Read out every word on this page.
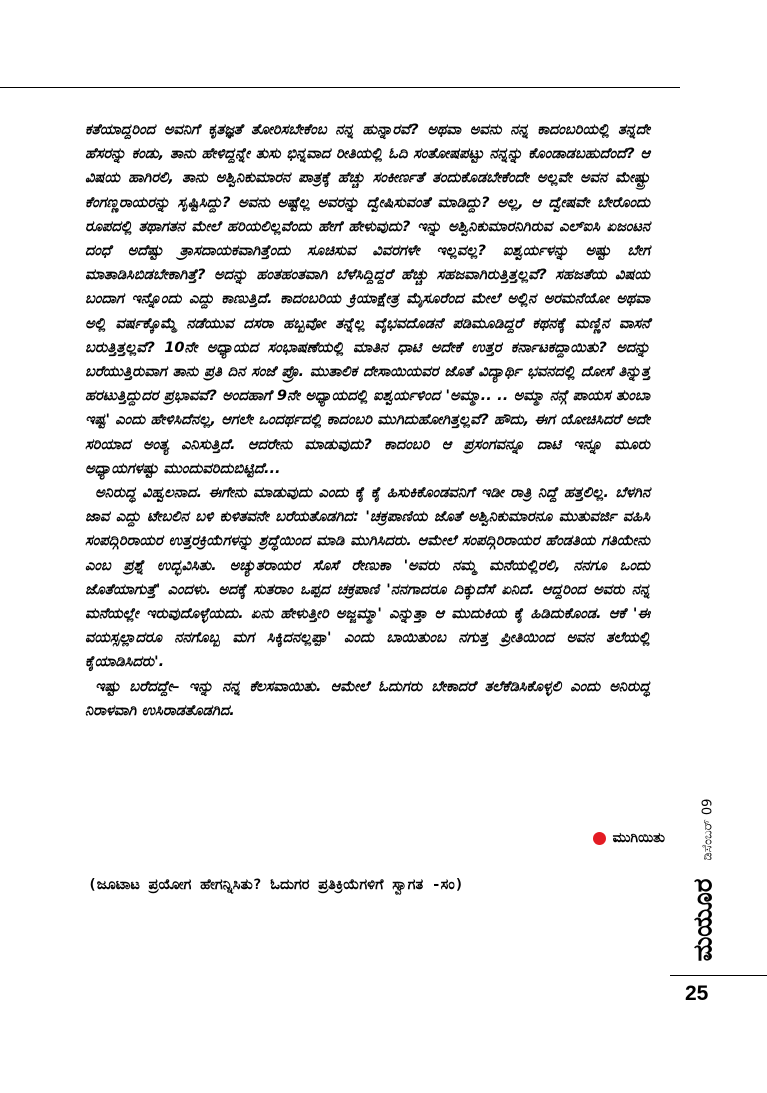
ಕತೆಯಾದ್ದರಿಂದ ಅವನಿಗೆ ಕೃತಜ್ಞತೆ ತೋರಿಸಬೇಕೆಂಬ ನನ್ನ ಹುನ್ನಾರವೆ? ಅಥವಾ ಅವನು ನನ್ನ ಕಾದಂಬರಿಯಲ್ಲಿ ತನ್ನದೇ ಹೆಸರನ್ನು ಕಂಡು, ತಾನು ಹೇಳಿದ್ದನ್ನೇ ತುಸು ಭಿನ್ನವಾದ ರೀತಿಯಲ್ಲಿ ಓದಿ ಸಂತೋಷಪಟ್ಟು ನನ್ನನ್ನು ಕೊಂಡಾಡಬಹುದೆಂದೆ? ಆ ವಿಷಯ ಹಾಗಿರಲಿ, ತಾನು ಅಶ್ವಿನಿಕುಮಾರನ ಪಾತ್ರಕ್ಕೆ ಹೆಚ್ಚು ಸಂಕೀರ್ಣತೆ ತಂದುಕೊಡಬೇಕೆಂದೇ ಅಲ್ಲವೇ ಅವನ ಮೇಷ್ಟ್ರು ಕೆಂಗಣ್ಣರಾಯರನ್ನು ಸೃಷ್ಟಿಸಿದ್ದು? ಅವನು ಅಷ್ಟೆಲ್ಲ ಅವರನ್ನು ದ್ವೇಷಿಸುವಂತೆ ಮಾಡಿದ್ದು? ಅಲ್ಲ, ಆ ದ್ವೇಷವೇ ಬೇರೊಂದು ರೂಪದಲ್ಲಿ ತಥಾಗತನ ಮೇಲೆ ಹರಿಯಲಿಲ್ಲವೆಂದು ಹೇಗೆ ಹೇಳುವುದು? ಇನ್ನು ಅಶ್ವಿನಿಕುಮಾರನಿಗಿರುವ ಎಲ್‌ಐಸಿ ಏಜಂಟನ ದಂಧೆ ಅದೆಷ್ಟು ತ್ರಾಸದಾಯಕವಾಗಿತ್ತೆಂದು ಸೂಚಿಸುವ ವಿವರಗಳೇ ಇಲ್ಲವಲ್ಲ? ಐಶ್ವರ್ಯಳನ್ನು ಅಷ್ಟು ಬೇಗ ಮಾತಾಡಿಸಿಬಿಡಬೇಕಾಗಿತ್ತೆ? ಅದನ್ನು ಹಂತಹಂತವಾಗಿ ಬೆಳೆಸಿದ್ದಿದ್ದರೆ ಹೆಚ್ಚು ಸಹಜವಾಗಿರುತ್ತಿತ್ತಲ್ಲವೆ? ಸಹಜತೆಯ ವಿಷಯ ಬಂದಾಗ ಇನ್ನೊಂದು ಎದ್ದು ಕಾಣುತ್ತಿದೆ. ಕಾದಂಬರಿಯ ಕ್ರಿಯಾಕ್ಷೇತ್ರ ಮೈಸೂರೆಂದ ಮೇಲೆ ಅಲ್ಲಿನ ಅರಮನೆಯೋ ಅಥವಾ ಅಲ್ಲಿ ವರ್ಷಕ್ಕೊಮ್ಮೆ ನಡೆಯುವ ದಸರಾ ಹಬ್ಬವೋ ತನ್ನೆಲ್ಲ ವೈಭವದೊಡನೆ ಪಡಿಮೂಡಿದ್ದರೆ ಕಥನಕ್ಕೆ ಮಣ್ಣಿನ ವಾಸನೆ ಬರುತ್ತಿತ್ತಲ್ಲವೆ? 10ನೇ ಅಧ್ಯಾಯದ ಸಂಭಾಷಣೆಯಲ್ಲಿ ಮಾತಿನ ಧಾಟಿ ಅದೇಕೆ ಉತ್ತರ ಕರ್ನಾಟಕದ್ದಾಯಿತು? ಅದನ್ನು ಬರೆಯುತ್ತಿರುವಾಗ ತಾನು ಪ್ರತಿ ದಿನ ಸಂಜೆ ಪ್ರೊ. ಮುತಾಲಿಕ ದೇಸಾಯಿಯವರ ಜೊತೆ ವಿದ್ಯಾರ್ಥಿ ಭವನದಲ್ಲಿ ದೋಸೆ ತಿನ್ನುತ್ತ ಹರಟುತ್ತಿದ್ದುದರ ಪ್ರಭಾವವೆ? ಅಂದಹಾಗೆ 9ನೇ ಅಧ್ಯಾಯದಲ್ಲಿ ಐಶ್ವರ್ಯಳಿಂದ 'ಅಮ್ಮಾ.. .. ಅಮ್ಮಾ ನನ್ಗೆ ಪಾಯಸ ತುಂಬಾ ಇಷ್ಟ' ಎಂದು ಹೇಳಿಸಿದೆನಲ್ಲ, ಆಗಲೇ ಒಂದರ್ಥದಲ್ಲಿ ಕಾದಂಬರಿ ಮುಗಿದುಹೋಗಿತ್ತಲ್ಲವೆ? ಹೌದು, ಈಗ ಯೋಚಿಸಿದರೆ ಅದೇ ಸರಿಯಾದ ಅಂತ್ಯ ಎನಿಸುತ್ತಿದೆ. ಆದರೇನು ಮಾಡುವುದು? ಕಾದಂಬರಿ ಆ ಪ್ರಸಂಗವನ್ನೂ ದಾಟಿ ಇನ್ನೂ ಮೂರು ಅಧ್ಯಾಯಗಳಷ್ಟು ಮುಂದುವರಿದುಬಿಟ್ಟಿದೆ...

ಅನಿರುದ್ಧ ವಿಹ್ವಲನಾದ. ಈಗೇನು ಮಾಡುವುದು ಎಂದು ಕೈ ಕೈ ಹಿಸುಕಿಕೊಂಡವನಿಗೆ ಇಡೀ ರಾತ್ರಿ ನಿದ್ದೆ ಹತ್ತಲಿಲ್ಲ. ಬೆಳಗಿನ ಜಾವ ಎದ್ದು ಟೇಬಲಿನ ಬಳಿ ಕುಳಿತವನೇ ಬರೆಯತೊಡಗಿದ: 'ಚಕ್ರಪಾಣಿಯ ಜೊತೆ ಅಶ್ವಿನಿಕುಮಾರನೂ ಮುತುವರ್ಜಿ ವಹಿಸಿ ಸಂಪದ್ಗಿರಿರಾಯರ ಉತ್ತರಕ್ರಿಯೆಗಳನ್ನು ಶ್ರದ್ಧೆಯಿಂದ ಮಾಡಿ ಮುಗಿಸಿದರು. ಆಮೇಲೆ ಸಂಪದ್ಗಿರಿರಾಯರ ಹೆಂಡತಿಯ ಗತಿಯೇನು ಎಂಬ ಪ್ರಶ್ನೆ ಉದ್ಭವಿಸಿತು. ಅಚ್ಯುತರಾಯರ ಸೊಸೆ ರೇಣುಕಾ 'ಅವರು ನಮ್ಮ ಮನೆಯಲ್ಲಿರಲಿ, ನನಗೂ ಒಂದು ಜೊತೆಯಾಗುತ್ತೆ' ಎಂದಳು. ಅದಕ್ಕೆ ಸುತರಾಂ ಒಪ್ಪದ ಚಕ್ರಪಾಣಿ 'ನನಗಾದರೂ ದಿಕ್ಕುದೆಸೆ ಏನಿದೆ. ಆದ್ದರಿಂದ ಅವರು ನನ್ನ ಮನೆಯಲ್ಲೇ ಇರುವುದೊಳ್ಳೆಯದು. ಏನು ಹೇಳುತ್ತೀರಿ ಅಜ್ಜಮ್ಮಾ' ಎನ್ನುತ್ತಾ ಆ ಮುದುಕಿಯ ಕೈ ಹಿಡಿದುಕೊಂಡ. ಆಕೆ 'ಈ ವಯಸ್ಸಲ್ಲಾದರೂ ನನಗೊಬ್ಬ ಮಗ ಸಿಕ್ಕಿದನಲ್ಲಪ್ಪಾ' ಎಂದು ಬಾಯಿತುಂಬ ನಗುತ್ತ ಪ್ರೀತಿಯಿಂದ ಅವನ ತಲೆಯಲ್ಲಿ ಕೈಯಾಡಿಸಿದರು'.

ಇಷ್ಟು ಬರೆದದ್ದೇ– ಇನ್ನು ನನ್ನ ಕೆಲಸವಾಯಿತು. ಆಮೇಲೆ ಓದುಗರು ಬೇಕಾದರೆ ತಲೆಕೆಡಿಸಿಕೊಳ್ಳಲಿ ಎಂದು ಅನಿರುದ್ಧ ನಿರಾಳವಾಗಿ ಉಸಿರಾಡತೊಡಗಿದ.

ಮುಗಿಯಿತು
(ಜೂಟಾಟ ಪ್ರಯೋಗ ಹೇಗನ್ನಿಸಿತು? ಓದುಗರ ಪ್ರತಿಕ್ರಿಯೆಗಳಿಗೆ ಸ್ವಾಗತ -ಸಂ)	ಮಯೂರ
ಡಿಸೆಂಬರ್ 09
25
